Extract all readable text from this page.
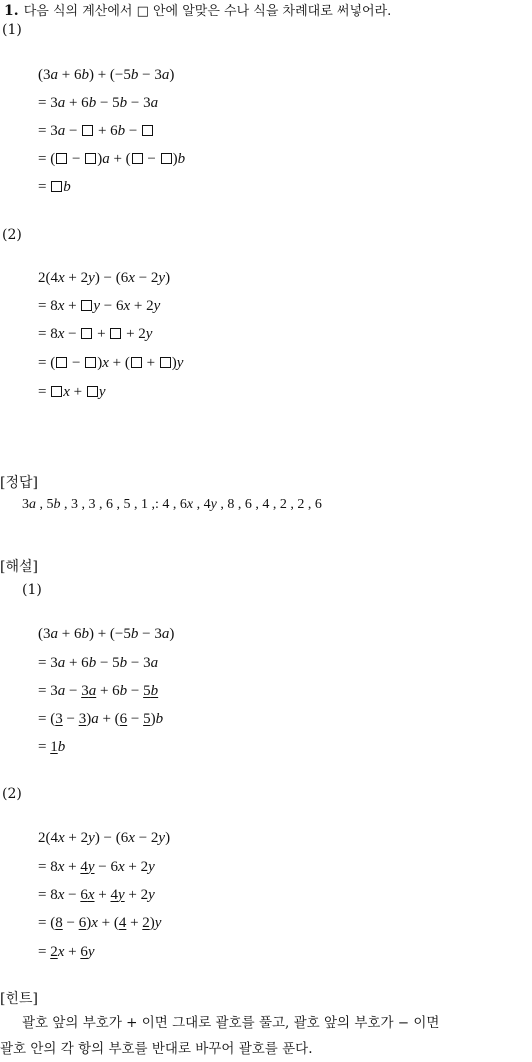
1. 다음 식의 계산에서 □ 안에 알맞은 수나 식을 차례대로 써넣어라.
(1)
(3a + 6b) + (−5b − 3a)
= 3a + 6b − 5b − 3a
= 3a −  + 6b −
= ( − )a + ( − )b
= b
(2)
2(4x + 2y) − (6x − 2y)
= 8x + y − 6x + 2y
= 8x −  +  + 2y
= ( − )x + ( + )y
= x + y
[정답]
3a , 5b , 3 , 3 , 6 , 5 , 1 ,: 4 , 6x , 4y , 8 , 6 , 4 , 2 , 2 , 6
[해설]
(1)
(3a + 6b) + (−5b − 3a)
= 3a + 6b − 5b − 3a
= 3a − 3a + 6b − 5b
= (3 − 3)a + (6 − 5)b
= 1b
(2)
2(4x + 2y) − (6x − 2y)
= 8x + 4y − 6x + 2y
= 8x − 6x + 4y + 2y
= (8 − 6)x + (4 + 2)y
= 2x + 6y
[힌트]
괄호 앞의 부호가 + 이면 그대로 괄호를 풀고, 괄호 앞의 부호가 − 이면
괄호 안의 각 항의 부호를 반대로 바꾸어 괄호를 푼다.
